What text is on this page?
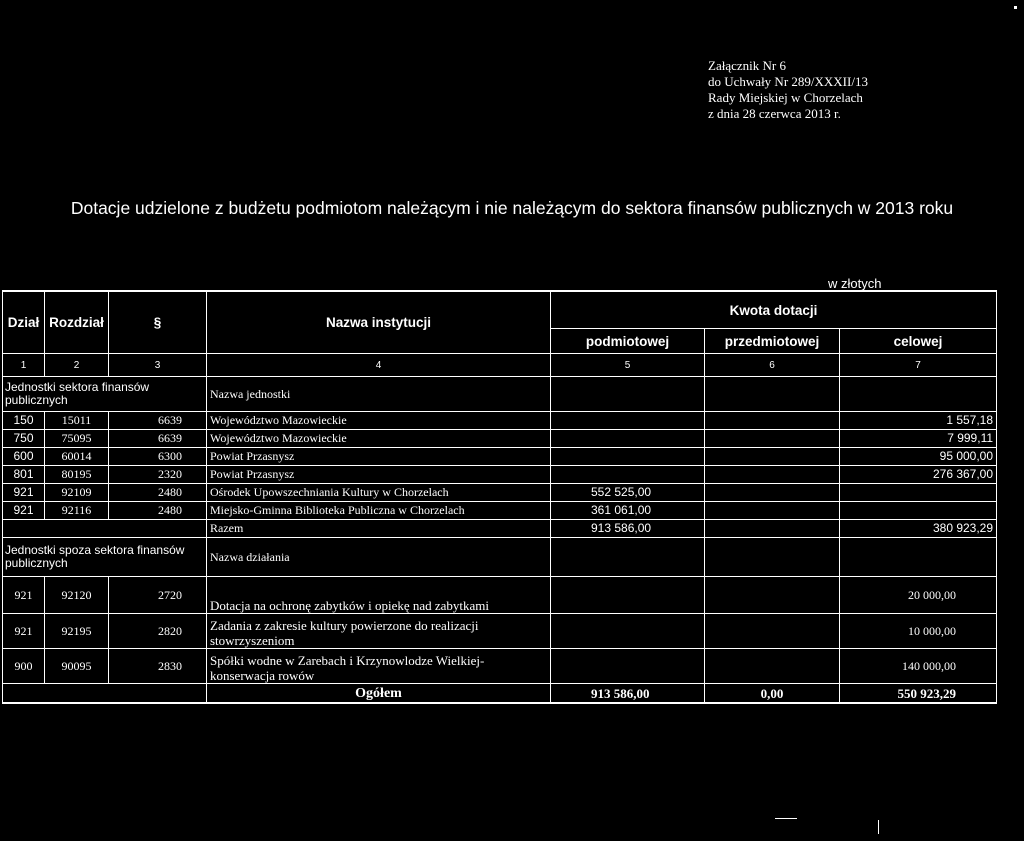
Załącznik Nr 6
do Uchwały Nr 289/XXXII/13
Rady Miejskiej w Chorzelach
z dnia 28 czerwca 2013 r.
Dotacje udzielone z budżetu podmiotom należącym i nie należącym do sektora finansów publicznych w 2013 roku
w złotych
Dział	Rozdział	§	Nazwa instytucji	Kwota dotacji		
				podmiotowej	przedmiotowej	celowej
1	2	3	4	5	6	7
Jednostki sektora finansów publicznych			Nazwa jednostki			
150	15011	6639	Województwo Mazowieckie			1 557,18
750	75095	6639	Województwo Mazowieckie			7 999,11
600	60014	6300	Powiat Przasnysz			95 000,00
801	80195	2320	Powiat Przasnysz			276 367,00
921	92109	2480	Ośrodek Upowszechniania Kultury w Chorzelach	552 525,00		
921	92116	2480	Miejsko-Gminna Biblioteka Publiczna w Chorzelach	361 061,00		
			Razem	913 586,00		380 923,29
Jednostki spoza sektora finansów publicznych			Nazwa działania			
921	92120	2720	Dotacja na ochronę zabytków i opiekę nad zabytkami			20 000,00
921	92195	2820	Zadania z zakresie kultury powierzone do realizacji stowrzyszeniom			10 000,00
900	90095	2830	Spółki wodne w Zarebach i Krzynowlodze Wielkiej- konserwacja rowów			140 000,00
			Ogółem	913 586,00	0,00	550 923,29
